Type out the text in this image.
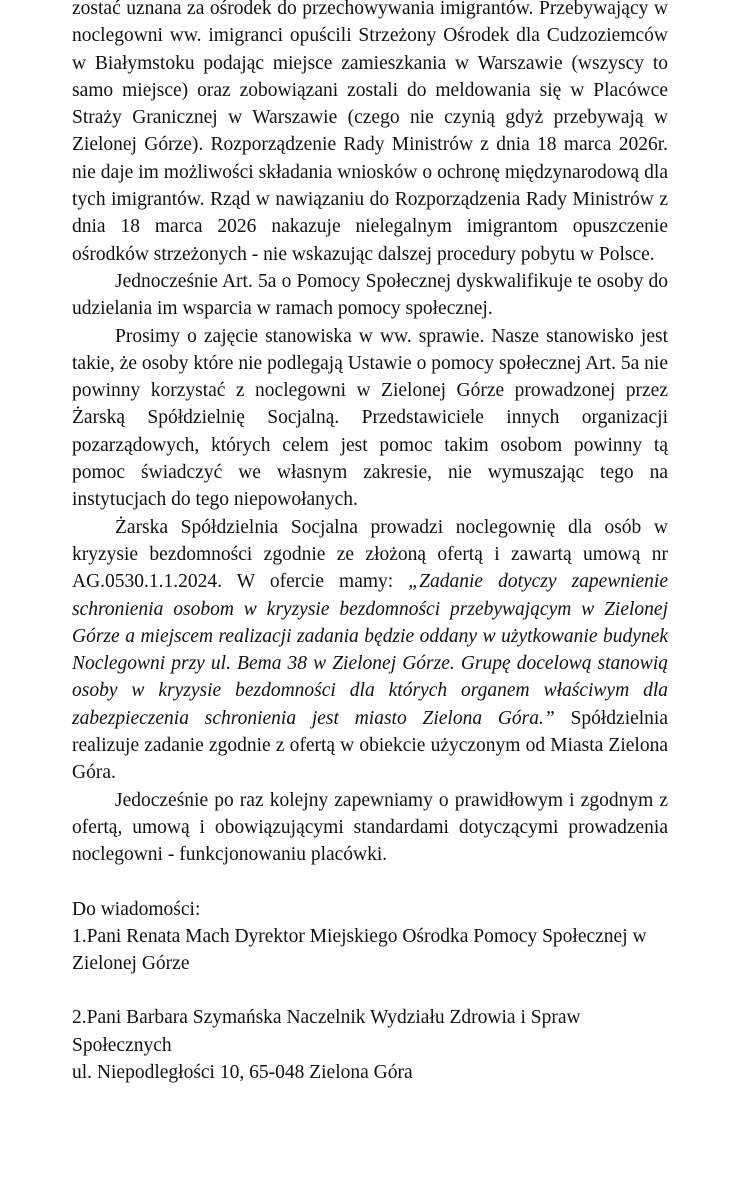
zostać uznana za ośrodek do przechowywania imigrantów. Przebywający w noclegowni ww. imigranci opuścili Strzeżony Ośrodek dla Cudzoziemców w Białymstoku podając miejsce zamieszkania w Warszawie (wszyscy to samo miejsce) oraz zobowiązani zostali do meldowania się w Placówce Straży Granicznej w Warszawie (czego nie czynią gdyż przebywają w Zielonej Górze). Rozporządzenie Rady Ministrów z dnia 18 marca 2026r. nie daje im możliwości składania wniosków o ochronę międzynarodową dla tych imigrantów. Rząd w nawiązaniu do Rozporządzenia Rady Ministrów z dnia 18 marca 2026 nakazuje nielegalnym imigrantom opuszczenie ośrodków strzeżonych - nie wskazując dalszej procedury pobytu w Polsce.

Jednocześnie Art. 5a o Pomocy Społecznej dyskwalifikuje te osoby do udzielania im wsparcia w ramach pomocy społecznej.

Prosimy o zajęcie stanowiska w ww. sprawie. Nasze stanowisko jest takie, że osoby które nie podlegają Ustawie o pomocy społecznej Art. 5a nie powinny korzystać z noclegowni w Zielonej Górze prowadzonej przez Żarską Spółdzielnię Socjalną. Przedstawiciele innych organizacji pozarządowych, których celem jest pomoc takim osobom powinny tą pomoc świadczyć we własnym zakresie, nie wymuszając tego na instytucjach do tego niepowołanych.

Żarska Spółdzielnia Socjalna prowadzi noclegownię dla osób w kryzysie bezdomności zgodnie ze złożoną ofertą i zawartą umową nr AG.0530.1.1.2024. W ofercie mamy: „Zadanie dotyczy zapewnienie schronienia osobom w kryzysie bezdomności przebywającym w Zielonej Górze a miejscem realizacji zadania będzie oddany w użytkowanie budynek Noclegowni przy ul. Bema 38 w Zielonej Górze. Grupę docelową stanowią osoby w kryzysie bezdomności dla których organem właściwym dla zabezpieczenia schronienia jest miasto Zielona Góra.” Spółdzielnia realizuje zadanie zgodnie z ofertą w obiekcie użyczonym od Miasta Zielona Góra.

Jedocześnie po raz kolejny zapewniamy o prawidłowym i zgodnym z ofertą, umową i obowiązującymi standardami dotyczącymi prowadzenia noclegowni - funkcjonowaniu placówki.

Do wiadomości:

1.Pani Renata Mach Dyrektor Miejskiego Ośrodka Pomocy Społecznej w Zielonej Górze

2.Pani Barbara Szymańska Naczelnik Wydziału Zdrowia i Spraw Społecznych

ul. Niepodległości 10, 65-048 Zielona Góra
